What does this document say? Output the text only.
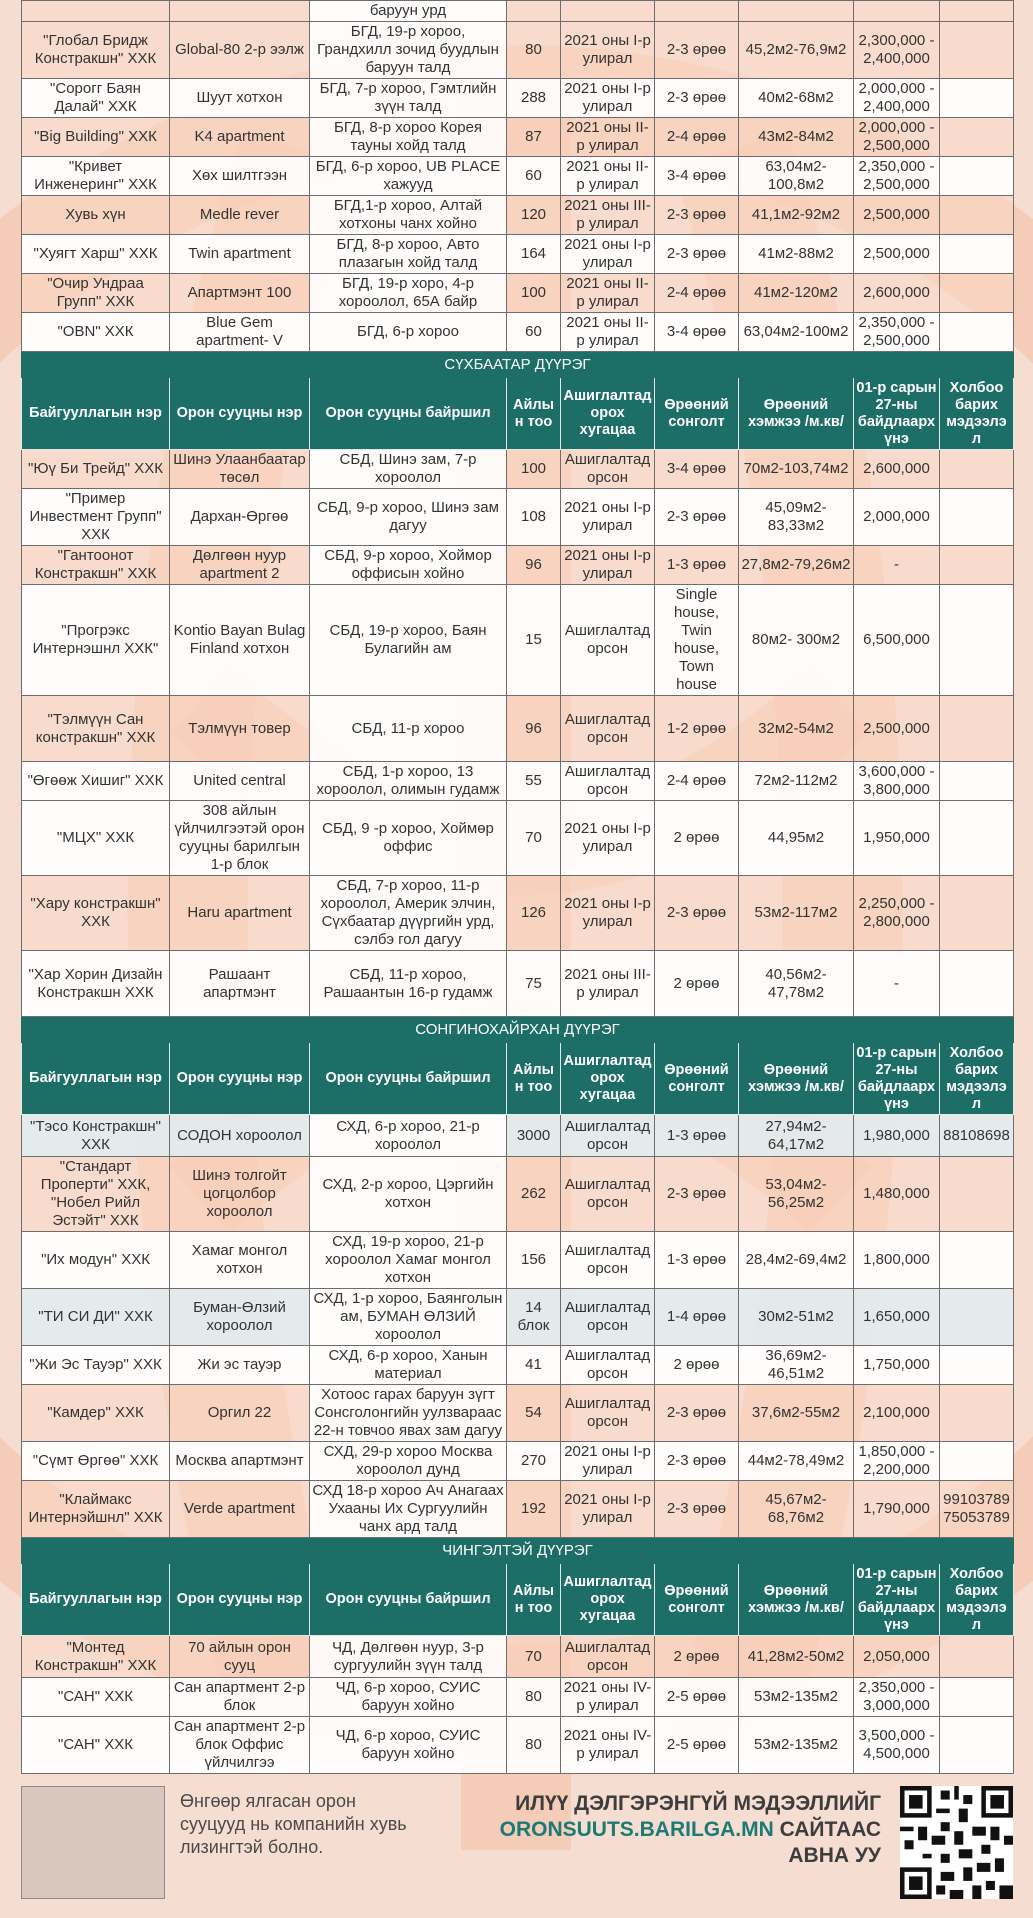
		баруун урд						
"Глобал Бридж Констракшн" ХХК	Global-80 2-р ээлж	БГД, 19-р хороо, Грандхилл зочид буудлын баруун талд	80	2021 оны I-р улирал	2-3 өрөө	45,2м2-76,9м2	2,300,000 - 2,400,000	
"Сорогг Баян Далай" ХХК	Шуут хотхон	БГД, 7-р хороо, Гэмтлийн зүүн талд	288	2021 оны I-р улирал	2-3 өрөө	40м2-68м2	2,000,000 - 2,400,000	
"Big Building" ХХК	K4 apartment	БГД, 8-р хороо Корея тауны хойд талд	87	2021 оны II-р улирал	2-4 өрөө	43м2-84м2	2,000,000 - 2,500,000	
"Кривет Инженеринг" ХХК	Хөх шилтгээн	БГД, 6-р хороо, UB PLACE хажууд	60	2021 оны II-р улирал	3-4 өрөө	63,04м2-100,8м2	2,350,000 - 2,500,000	
Хувь хүн	Medle rever	БГД,1-р хороо, Алтай хотхоны чанх хойно	120	2021 оны III-р улирал	2-3 өрөө	41,1м2-92м2	2,500,000	
"Хуягт Харш" ХХК	Twin apartment	БГД, 8-р хороо, Авто плазагын хойд талд	164	2021 оны I-р улирал	2-3 өрөө	41м2-88м2	2,500,000	
"Очир Ундраа Групп" ХХК	Апартмэнт 100	БГД, 19-р хоро, 4-р хороолол, 65А байр	100	2021 оны II-р улирал	2-4 өрөө	41м2-120м2	2,600,000	
"OBN" ХХК	Blue Gem apartment- V	БГД, 6-р хороо	60	2021 оны II-р улирал	3-4 өрөө	63,04м2-100м2	2,350,000 - 2,500,000	
СҮХБААТАР ДҮҮРЭГ								
Байгууллагын нэр	Орон сууцны нэр	Орон сууцны байршил	Айлын тоо	Ашиглалтад орох хугацаа	Өрөөний сонголт	Өрөөний хэмжээ /м.кв/	01-р сарын 27-ны байдлаарх үнэ	Холбоо барих мэдээлэл
"Юү Би Трейд" ХХК	Шинэ Улаанбаатар төсөл	СБД, Шинэ зам, 7-р хороолол	100	Ашиглалтад орсон	3-4 өрөө	70м2-103,74м2	2,600,000	
"Пример Инвестмент Групп" ХХК	Дархан-Өргөө	СБД, 9-р хороо, Шинэ зам дагуу	108	2021 оны I-р улирал	2-3 өрөө	45,09м2-83,33м2	2,000,000	
"Гантоонот Констракшн" ХХК	Дөлгөөн нуур apartment 2	СБД, 9-р хороо, Хоймор оффисын хойно	96	2021 оны I-р улирал	1-3 өрөө	27,8м2-79,26м2	-	
"Прогрэкс Интернэшнл ХХК"	Kontio Bayan Bulag Finland хотхон	СБД, 19-р хороо, Баян Булагийн ам	15	Ашиглалтад орсон	Single house, Twin house, Town house	80м2- 300м2	6,500,000	
"Тэлмүүн Сан констракшн" ХХК	Тэлмүүн товер	СБД, 11-р хороо	96	Ашиглалтад орсон	1-2 өрөө	32м2-54м2	2,500,000	
"Өгөөж Хишиг" ХХК	United central	СБД, 1-р хороо, 13 хороолол, олимын гудамж	55	Ашиглалтад орсон	2-4 өрөө	72м2-112м2	3,600,000 - 3,800,000	
"МЦХ" ХХК	308 айлын үйлчилгээтэй орон сууцны барилгын 1-р блок	СБД, 9 -р хороо, Хоймөр оффис	70	2021 оны I-р улирал	2 өрөө	44,95м2	1,950,000	
"Хару констракшн" ХХК	Haru apartment	СБД, 7-р хороо, 11-р хороолол, Америк элчин, Сүхбаатар дүүргийн урд, сэлбэ гол дагуу	126	2021 оны I-р улирал	2-3 өрөө	53м2-117м2	2,250,000 - 2,800,000	
"Хар Хорин Дизайн Констракшн ХХК	Рашаант апартмэнт	СБД, 11-р хороо, Рашаантын 16-р гудамж	75	2021 оны III-р улирал	2 өрөө	40,56м2-47,78м2	-	
СОНГИНОХАЙРХАН ДҮҮРЭГ								
Байгууллагын нэр	Орон сууцны нэр	Орон сууцны байршил	Айлын тоо	Ашиглалтад орох хугацаа	Өрөөний сонголт	Өрөөний хэмжээ /м.кв/	01-р сарын 27-ны байдлаарх үнэ	Холбоо барих мэдээлэл
"Тэсо Констракшн" ХХК	СОДОН хороолол	СХД, 6-р хороо, 21-р хороолол	3000	Ашиглалтад орсон	1-3 өрөө	27,94м2-64,17м2	1,980,000	88108698
"Стандарт Проперти" ХХК, "Нобел Рийл Эстэйт" ХХК	Шинэ толгойт цогцолбор хороолол	СХД, 2-р хороо, Цэргийн хотхон	262	Ашиглалтад орсон	2-3 өрөө	53,04м2-56,25м2	1,480,000	
"Их модун" ХХК	Хамаг монгол хотхон	СХД, 19-р хороо, 21-р хороолол Хамаг монгол хотхон	156	Ашиглалтад орсон	1-3 өрөө	28,4м2-69,4м2	1,800,000	
"ТИ СИ ДИ" ХХК	Буман-Өлзий хороолол	СХД, 1-р хороо, Баянголын ам, БУМАН ӨЛЗИЙ хороолол	14 блок	Ашиглалтад орсон	1-4 өрөө	30м2-51м2	1,650,000	
"Жи Эс Тауэр" ХХК	Жи эс тауэр	СХД, 6-р хороо, Ханын материал	41	Ашиглалтад орсон	2 өрөө	36,69м2-46,51м2	1,750,000	
"Камдер" ХХК	Оргил 22	Хотоос гарах баруун зүгт Сонсголонгийн уулзвараас 22-н товчоо явах зам дагуу	54	Ашиглалтад орсон	2-3 өрөө	37,6м2-55м2	2,100,000	
"Сүмт Өргөө" ХХК	Москва апартмэнт	СХД, 29-р хороо Москва хороолол дунд	270	2021 оны I-р улирал	2-3 өрөө	44м2-78,49м2	1,850,000 - 2,200,000	
"Клаймакс Интернэйшнл" ХХК	Verde apartment	СХД 18-р хороо Ач Анагаах Ухааны Их Сургуулийн чанх ард талд	192	2021 оны I-р улирал	2-3 өрөө	45,67м2-68,76м2	1,790,000	99103789 75053789
ЧИНГЭЛТЭЙ ДҮҮРЭГ								
Байгууллагын нэр	Орон сууцны нэр	Орон сууцны байршил	Айлын тоо	Ашиглалтад орох хугацаа	Өрөөний сонголт	Өрөөний хэмжээ /м.кв/	01-р сарын 27-ны байдлаарх үнэ	Холбоо барих мэдээлэл
"Монтед Констракшн" ХХК	70 айлын орон сууц	ЧД, Дөлгөөн нуур, 3-р сургуулийн зүүн талд	70	Ашиглалтад орсон	2 өрөө	41,28м2-50м2	2,050,000	
"САН" ХХК	Сан апартмент 2-р блок	ЧД, 6-р хороо, СУИС баруун хойно	80	2021 оны IV-р улирал	2-5 өрөө	53м2-135м2	2,350,000 - 3,000,000	
"САН" ХХК	Сан апартмент 2-р блок Оффис үйлчилгээ	ЧД, 6-р хороо, СУИС баруун хойно	80	2021 оны IV-р улирал	2-5 өрөө	53м2-135м2	3,500,000 - 4,500,000	
Өнгөөр ялгасан орон сууцууд нь компанийн хувь лизингтэй болно.
ИЛҮҮ ДЭЛГЭРЭНГҮЙ МЭДЭЭЛЛИЙГ
ORONSUUTS.BARILGA.MN САЙТААС
АВНА УУ
